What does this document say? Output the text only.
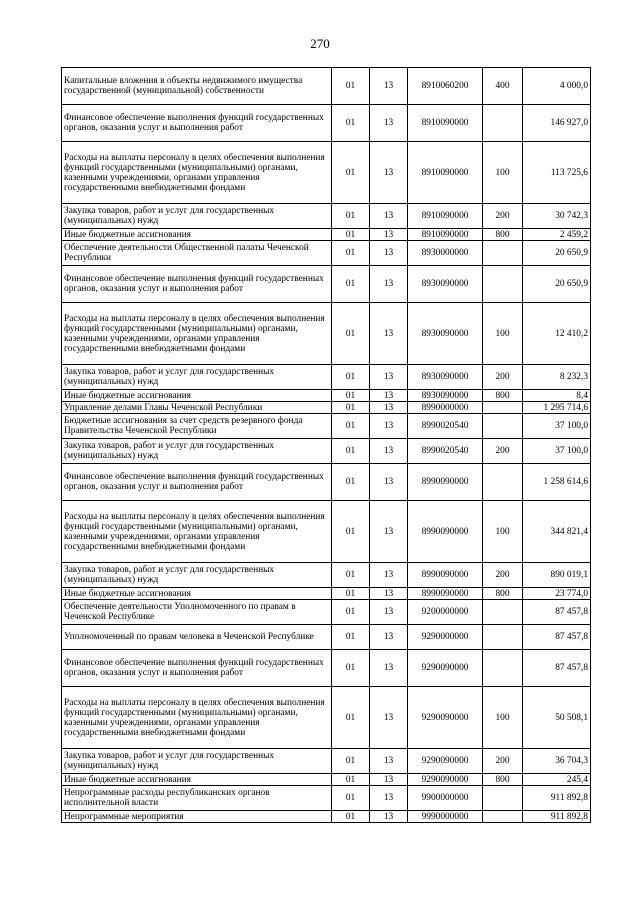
270
Капитальные вложения в объекты недвижимого имущества государственной (муниципальной) собственности	01	13	8910060200	400	4 000,0
Финансовое обеспечение выполнения функций государственных органов, оказания услуг и выполнения работ	01	13	8910090000		146 927,0
Расходы на выплаты персоналу в целях обеспечения выполнения функций государственными (муниципальными) органами, казенными учреждениями, органами управления государственными внебюджетными фондами	01	13	8910090000	100	113 725,6
Закупка товаров, работ и услуг для государственных (муниципальных) нужд	01	13	8910090000	200	30 742,3
Иные бюджетные ассигнования	01	13	8910090000	800	2 459,2
Обеспечение деятельности Общественной палаты Чеченской Республики	01	13	8930000000		20 650,9
Финансовое обеспечение выполнения функций государственных органов, оказания услуг и выполнения работ	01	13	8930090000		20 650,9
Расходы на выплаты персоналу в целях обеспечения выполнения функций государственными (муниципальными) органами, казенными учреждениями, органами управления государственными внебюджетными фондами	01	13	8930090000	100	12 410,2
Закупка товаров, работ и услуг для государственных (муниципальных) нужд	01	13	8930090000	200	8 232,3
Иные бюджетные ассигнования	01	13	8930090000	800	8,4
Управление делами Главы Чеченской Республики	01	13	8990000000		1 295 714,6
Бюджетные ассигнования за счет средств резервного фонда Правительства Чеченской Республики	01	13	8990020540		37 100,0
Закупка товаров, работ и услуг для государственных (муниципальных) нужд	01	13	8990020540	200	37 100,0
Финансовое обеспечение выполнения функций государственных органов, оказания услуг и выполнения работ	01	13	8990090000		1 258 614,6
Расходы на выплаты персоналу в целях обеспечения выполнения функций государственными (муниципальными) органами, казенными учреждениями, органами управления государственными внебюджетными фондами	01	13	8990090000	100	344 821,4
Закупка товаров, работ и услуг для государственных (муниципальных) нужд	01	13	8990090000	200	890 019,1
Иные бюджетные ассигнования	01	13	8990090000	800	23 774,0
Обеспечение деятельности Уполномоченного по правам в Чеченской Республике	01	13	9200000000		87 457,8
Уполномоченный по правам человека в Чеченской Республике	01	13	9290000000		87 457,8
Финансовое обеспечение выполнения функций государственных органов, оказания услуг и выполнения работ	01	13	9290090000		87 457,8
Расходы на выплаты персоналу в целях обеспечения выполнения функций государственными (муниципальными) органами, казенными учреждениями, органами управления государственными внебюджетными фондами	01	13	9290090000	100	50 508,1
Закупка товаров, работ и услуг для государственных (муниципальных) нужд	01	13	9290090000	200	36 704,3
Иные бюджетные ассигнования	01	13	9290090000	800	245,4
Непрограммные расходы республиканских органов исполнительной власти	01	13	9900000000		911 892,8
Непрограммные мероприятия	01	13	9990000000		911 892,8
